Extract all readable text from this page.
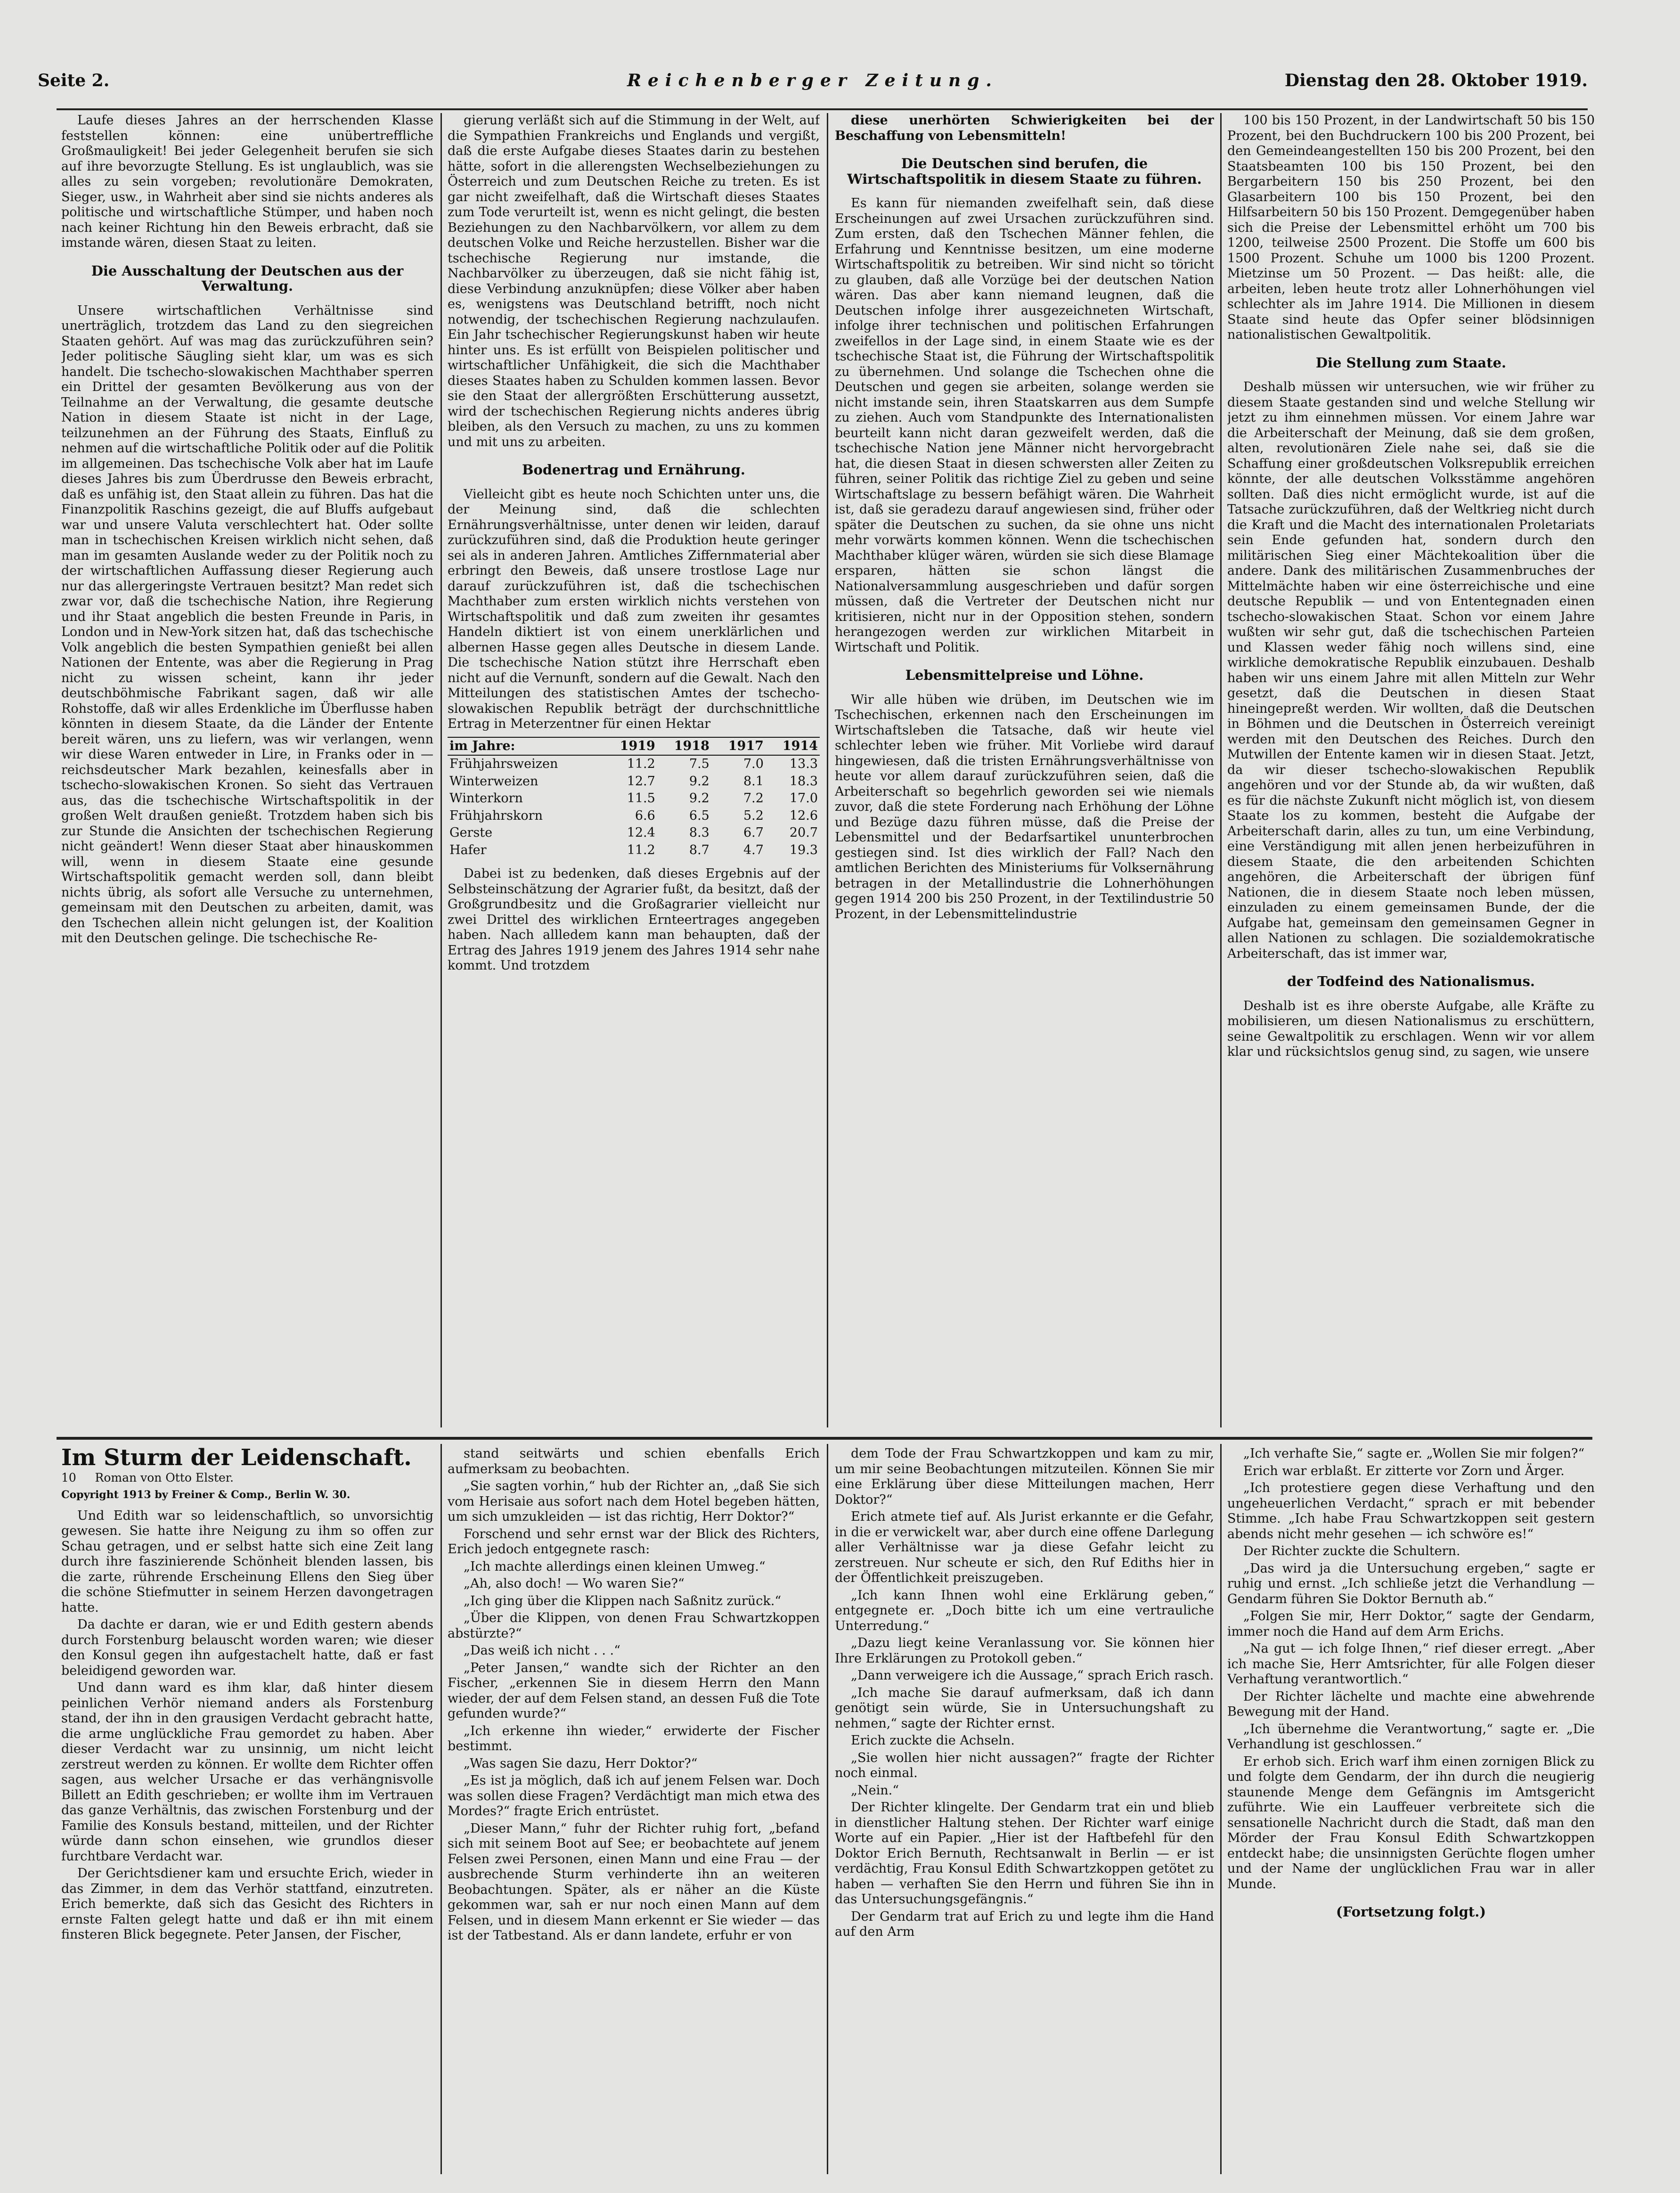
Seite 2.	Reichenberger Zeitung.	Dienstag den 28. Oktober 1919.

Laufe dieses Jahres an der herrschenden Klasse feststellen können: eine unübertreffliche Großmauligkeit! Bei jeder Gelegenheit berufen sie sich auf ihre bevorzugte Stellung. Es ist unglaublich, was sie alles zu sein vorgeben; revolutionäre Demokraten, Sieger, usw., in Wahrheit aber sind sie nichts anderes als politische und wirtschaftliche Stümper, und haben noch nach keiner Richtung hin den Beweis erbracht, daß sie imstande wären, diesen Staat zu leiten.

Die Ausschaltung der Deutschen aus der Verwaltung.

Unsere wirtschaftlichen Verhältnisse sind unerträglich, trotzdem das Land zu den siegreichen Staaten gehört. Auf was mag das zurückzuführen sein? Jeder politische Säugling sieht klar, um was es sich handelt. Die tschecho-slowakischen Machthaber sperren ein Drittel der gesamten Bevölkerung aus von der Teilnahme an der Verwaltung, die gesamte deutsche Nation in diesem Staate ist nicht in der Lage, teilzunehmen an der Führung des Staats, Einfluß zu nehmen auf die wirtschaftliche Politik oder auf die Politik im allgemeinen. Das tschechische Volk aber hat im Laufe dieses Jahres bis zum Überdrusse den Beweis erbracht, daß es unfähig ist, den Staat allein zu führen. Das hat die Finanzpolitik Raschins gezeigt, die auf Bluffs aufgebaut war und unsere Valuta verschlechtert hat. Oder sollte man in tschechischen Kreisen wirklich nicht sehen, daß man im gesamten Auslande weder zu der Politik noch zu der wirtschaftlichen Auffassung dieser Regierung auch nur das allergeringste Vertrauen besitzt? Man redet sich zwar vor, daß die tschechische Nation, ihre Regierung und ihr Staat angeblich die besten Freunde in Paris, in London und in New-York sitzen hat, daß das tschechische Volk angeblich die besten Sympathien genießt bei allen Nationen der Entente, was aber die Regierung in Prag nicht zu wissen scheint, kann ihr jeder deutschböhmische Fabrikant sagen, daß wir alle Rohstoffe, daß wir alles Erdenkliche im Überflusse haben könnten in diesem Staate, da die Länder der Entente bereit wären, uns zu liefern, was wir verlangen, wenn wir diese Waren entweder in Lire, in Franks oder in — reichsdeutscher Mark bezahlen, keinesfalls aber in tschecho-slowakischen Kronen. So sieht das Vertrauen aus, das die tschechische Wirtschaftspolitik in der großen Welt draußen genießt. Trotzdem haben sich bis zur Stunde die Ansichten der tschechischen Regierung nicht geändert! Wenn dieser Staat aber hinauskommen will, wenn in diesem Staate eine gesunde Wirtschaftspolitik gemacht werden soll, dann bleibt nichts übrig, als sofort alle Versuche zu unternehmen, gemeinsam mit den Deutschen zu arbeiten, damit, was den Tschechen allein nicht gelungen ist, der Koalition mit den Deutschen gelinge. Die tschechische Re-

gierung verläßt sich auf die Stimmung in der Welt, auf die Sympathien Frankreichs und Englands und vergißt, daß die erste Aufgabe dieses Staates darin zu bestehen hätte, sofort in die allerengsten Wechselbeziehungen zu Österreich und zum Deutschen Reiche zu treten. Es ist gar nicht zweifelhaft, daß die Wirtschaft dieses Staates zum Tode verurteilt ist, wenn es nicht gelingt, die besten Beziehungen zu den Nachbarvölkern, vor allem zu dem deutschen Volke und Reiche herzustellen. Bisher war die tschechische Regierung nur imstande, die Nachbarvölker zu überzeugen, daß sie nicht fähig ist, diese Verbindung anzuknüpfen; diese Völker aber haben es, wenigstens was Deutschland betrifft, noch nicht notwendig, der tschechischen Regierung nachzulaufen. Ein Jahr tschechischer Regierungskunst haben wir heute hinter uns. Es ist erfüllt von Beispielen politischer und wirtschaftlicher Unfähigkeit, die sich die Machthaber dieses Staates haben zu Schulden kommen lassen. Bevor sie den Staat der allergrößten Erschütterung aussetzt, wird der tschechischen Regierung nichts anderes übrig bleiben, als den Versuch zu machen, zu uns zu kommen und mit uns zu arbeiten.

Bodenertrag und Ernährung.

Vielleicht gibt es heute noch Schichten unter uns, die der Meinung sind, daß die schlechten Ernährungsverhältnisse, unter denen wir leiden, darauf zurückzuführen sind, daß die Produktion heute geringer sei als in anderen Jahren. Amtliches Ziffernmaterial aber erbringt den Beweis, daß unsere trostlose Lage nur darauf zurückzuführen ist, daß die tschechischen Machthaber zum ersten wirklich nichts verstehen von Wirtschaftspolitik und daß zum zweiten ihr gesamtes Handeln diktiert ist von einem unerklärlichen und albernen Hasse gegen alles Deutsche in diesem Lande. Die tschechische Nation stützt ihre Herrschaft eben nicht auf die Vernunft, sondern auf die Gewalt. Nach den Mitteilungen des statistischen Amtes der tschecho-slowakischen Republik beträgt der durchschnittliche Ertrag in Meterzentner für einen Hektar

im Jahre:	1919	1918	1917	1914
Frühjahrsweizen	11.2	7.5	7.0	13.3
Winterweizen	12.7	9.2	8.1	18.3
Winterkorn	11.5	9.2	7.2	17.0
Frühjahrskorn	6.6	6.5	5.2	12.6
Gerste	12.4	8.3	6.7	20.7
Hafer	11.2	8.7	4.7	19.3

Dabei ist zu bedenken, daß dieses Ergebnis auf der Selbsteinschätzung der Agrarier fußt, da besitzt, daß der Großgrundbesitz und die Großagrarier vielleicht nur zwei Drittel des wirklichen Ernteertrages angegeben haben. Nach allledem kann man behaupten, daß der Ertrag des Jahres 1919 jenem des Jahres 1914 sehr nahe kommt. Und trotzdem

diese unerhörten Schwierigkeiten bei der Beschaffung von Lebensmitteln!

Die Deutschen sind berufen, die Wirtschaftspolitik in diesem Staate zu führen.

Es kann für niemanden zweifelhaft sein, daß diese Erscheinungen auf zwei Ursachen zurückzuführen sind. Zum ersten, daß den Tschechen Männer fehlen, die Erfahrung und Kenntnisse besitzen, um eine moderne Wirtschaftspolitik zu betreiben. Wir sind nicht so töricht zu glauben, daß alle Vorzüge bei der deutschen Nation wären. Das aber kann niemand leugnen, daß die Deutschen infolge ihrer ausgezeichneten Wirtschaft, infolge ihrer technischen und politischen Erfahrungen zweifellos in der Lage sind, in einem Staate wie es der tschechische Staat ist, die Führung der Wirtschaftspolitik zu übernehmen. Und solange die Tschechen ohne die Deutschen und gegen sie arbeiten, solange werden sie nicht imstande sein, ihren Staatskarren aus dem Sumpfe zu ziehen. Auch vom Standpunkte des Internationalisten beurteilt kann nicht daran gezweifelt werden, daß die tschechische Nation jene Männer nicht hervorgebracht hat, die diesen Staat in diesen schwersten aller Zeiten zu führen, seiner Politik das richtige Ziel zu geben und seine Wirtschaftslage zu bessern befähigt wären. Die Wahrheit ist, daß sie geradezu darauf angewiesen sind, früher oder später die Deutschen zu suchen, da sie ohne uns nicht mehr vorwärts kommen können. Wenn die tschechischen Machthaber klüger wären, würden sie sich diese Blamage ersparen, hätten sie schon längst die Nationalversammlung ausgeschrieben und dafür sorgen müssen, daß die Vertreter der Deutschen nicht nur kritisieren, nicht nur in der Opposition stehen, sondern herangezogen werden zur wirklichen Mitarbeit in Wirtschaft und Politik.

Lebensmittelpreise und Löhne.

Wir alle hüben wie drüben, im Deutschen wie im Tschechischen, erkennen nach den Erscheinungen im Wirtschaftsleben die Tatsache, daß wir heute viel schlechter leben wie früher. Mit Vorliebe wird darauf hingewiesen, daß die tristen Ernährungsverhältnisse von heute vor allem darauf zurückzuführen seien, daß die Arbeiterschaft so begehrlich geworden sei wie niemals zuvor, daß die stete Forderung nach Erhöhung der Löhne und Bezüge dazu führen müsse, daß die Preise der Lebensmittel und der Bedarfsartikel ununterbrochen gestiegen sind. Ist dies wirklich der Fall? Nach den amtlichen Berichten des Ministeriums für Volksernährung betragen in der Metallindustrie die Lohnerhöhungen gegen 1914 200 bis 250 Prozent, in der Textilindustrie 50 Prozent, in der Lebensmittelindustrie

100 bis 150 Prozent, in der Landwirtschaft 50 bis 150 Prozent, bei den Buchdruckern 100 bis 200 Prozent, bei den Gemeindeangestellten 150 bis 200 Prozent, bei den Staatsbeamten 100 bis 150 Prozent, bei den Bergarbeitern 150 bis 250 Prozent, bei den Glasarbeitern 100 bis 150 Prozent, bei den Hilfsarbeitern 50 bis 150 Prozent. Demgegenüber haben sich die Preise der Lebensmittel erhöht um 700 bis 1200, teilweise 2500 Prozent. Die Stoffe um 600 bis 1500 Prozent. Schuhe um 1000 bis 1200 Prozent. Mietzinse um 50 Prozent. — Das heißt: alle, die arbeiten, leben heute trotz aller Lohnerhöhungen viel schlechter als im Jahre 1914. Die Millionen in diesem Staate sind heute das Opfer seiner blödsinnigen nationalistischen Gewaltpolitik.

Die Stellung zum Staate.

Deshalb müssen wir untersuchen, wie wir früher zu diesem Staate gestanden sind und welche Stellung wir jetzt zu ihm einnehmen müssen. Vor einem Jahre war die Arbeiterschaft der Meinung, daß sie dem großen, alten, revolutionären Ziele nahe sei, daß sie die Schaffung einer großdeutschen Volksrepublik erreichen könnte, der alle deutschen Volksstämme angehören sollten. Daß dies nicht ermöglicht wurde, ist auf die Tatsache zurückzuführen, daß der Weltkrieg nicht durch die Kraft und die Macht des internationalen Proletariats sein Ende gefunden hat, sondern durch den militärischen Sieg einer Mächtekoalition über die andere. Dank des militärischen Zusammenbruches der Mittelmächte haben wir eine österreichische und eine deutsche Republik — und von Ententegnaden einen tschecho-slowakischen Staat. Schon vor einem Jahre wußten wir sehr gut, daß die tschechischen Parteien und Klassen weder fähig noch willens sind, eine wirkliche demokratische Republik einzubauen. Deshalb haben wir uns einem Jahre mit allen Mitteln zur Wehr gesetzt, daß die Deutschen in diesen Staat hineingepreßt werden. Wir wollten, daß die Deutschen in Böhmen und die Deutschen in Österreich vereinigt werden mit den Deutschen des Reiches. Durch den Mutwillen der Entente kamen wir in diesen Staat. Jetzt, da wir dieser tschecho-slowakischen Republik angehören und vor der Stunde ab, da wir wußten, daß es für die nächste Zukunft nicht möglich ist, von diesem Staate los zu kommen, besteht die Aufgabe der Arbeiterschaft darin, alles zu tun, um eine Verbindung, eine Verständigung mit allen jenen herbeizuführen in diesem Staate, die den arbeitenden Schichten angehören, die Arbeiterschaft der übrigen fünf Nationen, die in diesem Staate noch leben müssen, einzuladen zu einem gemeinsamen Bunde, der die Aufgabe hat, gemeinsam den gemeinsamen Gegner in allen Nationen zu schlagen. Die sozialdemokratische Arbeiterschaft, das ist immer war,

der Todfeind des Nationalismus.

Deshalb ist es ihre oberste Aufgabe, alle Kräfte zu mobilisieren, um diesen Nationalismus zu erschüttern, seine Gewaltpolitik zu erschlagen. Wenn wir vor allem klar und rücksichtslos genug sind, zu sagen, wie unsere

Im Sturm der Leidenschaft.
10 Roman von Otto Elster.
Copyright 1913 by Freiner & Comp., Berlin W. 30.

Und Edith war so leidenschaftlich, so unvorsichtig gewesen. Sie hatte ihre Neigung zu ihm so offen zur Schau getragen, und er selbst hatte sich eine Zeit lang durch ihre faszinierende Schönheit blenden lassen, bis die zarte, rührende Erscheinung Ellens den Sieg über die schöne Stiefmutter in seinem Herzen davongetragen hatte.

Da dachte er daran, wie er und Edith gestern abends durch Forstenburg belauscht worden waren; wie dieser den Konsul gegen ihn aufgestachelt hatte, daß er fast beleidigend geworden war.

Und dann ward es ihm klar, daß hinter diesem peinlichen Verhör niemand anders als Forstenburg stand, der ihn in den grausigen Verdacht gebracht hatte, die arme unglückliche Frau gemordet zu haben. Aber dieser Verdacht war zu unsinnig, um nicht leicht zerstreut werden zu können. Er wollte dem Richter offen sagen, aus welcher Ursache er das verhängnisvolle Billett an Edith geschrieben; er wollte ihm im Vertrauen das ganze Verhältnis, das zwischen Forstenburg und der Familie des Konsuls bestand, mitteilen, und der Richter würde dann schon einsehen, wie grundlos dieser furchtbare Verdacht war.

Der Gerichtsdiener kam und ersuchte Erich, wieder in das Zimmer, in dem das Verhör stattfand, einzutreten. Erich bemerkte, daß sich das Gesicht des Richters in ernste Falten gelegt hatte und daß er ihn mit einem finsteren Blick begegnete. Peter Jansen, der Fischer,

stand seitwärts und schien ebenfalls Erich aufmerksam zu beobachten.

„Sie sagten vorhin,“ hub der Richter an, „daß Sie sich vom Herisaie aus sofort nach dem Hotel begeben hätten, um sich umzukleiden — ist das richtig, Herr Doktor?“

Forschend und sehr ernst war der Blick des Richters, Erich jedoch entgegnete rasch:

„Ich machte allerdings einen kleinen Umweg.“

„Ah, also doch! — Wo waren Sie?“

„Ich ging über die Klippen nach Saßnitz zurück.“

„Über die Klippen, von denen Frau Schwartzkoppen abstürzte?“

„Das weiß ich nicht . . .“

„Peter Jansen,“ wandte sich der Richter an den Fischer, „erkennen Sie in diesem Herrn den Mann wieder, der auf dem Felsen stand, an dessen Fuß die Tote gefunden wurde?“

„Ich erkenne ihn wieder,“ erwiderte der Fischer bestimmt.

„Was sagen Sie dazu, Herr Doktor?“

„Es ist ja möglich, daß ich auf jenem Felsen war. Doch was sollen diese Fragen? Verdächtigt man mich etwa des Mordes?“ fragte Erich entrüstet.

„Dieser Mann,“ fuhr der Richter ruhig fort, „befand sich mit seinem Boot auf See; er beobachtete auf jenem Felsen zwei Personen, einen Mann und eine Frau — der ausbrechende Sturm verhinderte ihn an weiteren Beobachtungen. Später, als er näher an die Küste gekommen war, sah er nur noch einen Mann auf dem Felsen, und in diesem Mann erkennt er Sie wieder — das ist der Tatbestand. Als er dann landete, erfuhr er von

dem Tode der Frau Schwartzkoppen und kam zu mir, um mir seine Beobachtungen mitzuteilen. Können Sie mir eine Erklärung über diese Mitteilungen machen, Herr Doktor?“

Erich atmete tief auf. Als Jurist erkannte er die Gefahr, in die er verwickelt war, aber durch eine offene Darlegung aller Verhältnisse war ja diese Gefahr leicht zu zerstreuen. Nur scheute er sich, den Ruf Ediths hier in der Öffentlichkeit preiszugeben.

„Ich kann Ihnen wohl eine Erklärung geben,“ entgegnete er. „Doch bitte ich um eine vertrauliche Unterredung.“

„Dazu liegt keine Veranlassung vor. Sie können hier Ihre Erklärungen zu Protokoll geben.“

„Dann verweigere ich die Aussage,“ sprach Erich rasch.

„Ich mache Sie darauf aufmerksam, daß ich dann genötigt sein würde, Sie in Untersuchungshaft zu nehmen,“ sagte der Richter ernst.

Erich zuckte die Achseln.

„Sie wollen hier nicht aussagen?“ fragte der Richter noch einmal.

„Nein.“

Der Richter klingelte. Der Gendarm trat ein und blieb in dienstlicher Haltung stehen. Der Richter warf einige Worte auf ein Papier. „Hier ist der Haftbefehl für den Doktor Erich Bernuth, Rechtsanwalt in Berlin — er ist verdächtig, Frau Konsul Edith Schwartzkoppen getötet zu haben — verhaften Sie den Herrn und führen Sie ihn in das Untersuchungsgefängnis.“

Der Gendarm trat auf Erich zu und legte ihm die Hand auf den Arm

„Ich verhafte Sie,“ sagte er. „Wollen Sie mir folgen?“

Erich war erblaßt. Er zitterte vor Zorn und Ärger.

„Ich protestiere gegen diese Verhaftung und den ungeheuerlichen Verdacht,“ sprach er mit bebender Stimme. „Ich habe Frau Schwartzkoppen seit gestern abends nicht mehr gesehen — ich schwöre es!“

Der Richter zuckte die Schultern.

„Das wird ja die Untersuchung ergeben,“ sagte er ruhig und ernst. „Ich schließe jetzt die Verhandlung — Gendarm führen Sie Doktor Bernuth ab.“

„Folgen Sie mir, Herr Doktor,“ sagte der Gendarm, immer noch die Hand auf dem Arm Erichs.

„Na gut — ich folge Ihnen,“ rief dieser erregt. „Aber ich mache Sie, Herr Amtsrichter, für alle Folgen dieser Verhaftung verantwortlich.“

Der Richter lächelte und machte eine abwehrende Bewegung mit der Hand.

„Ich übernehme die Verantwortung,“ sagte er. „Die Verhandlung ist geschlossen.“

Er erhob sich. Erich warf ihm einen zornigen Blick zu und folgte dem Gendarm, der ihn durch die neugierig staunende Menge dem Gefängnis im Amtsgericht zuführte. Wie ein Lauffeuer verbreitete sich die sensationelle Nachricht durch die Stadt, daß man den Mörder der Frau Konsul Edith Schwartzkoppen entdeckt habe; die unsinnigsten Gerüchte flogen umher und der Name der unglücklichen Frau war in aller Munde.

(Fortsetzung folgt.)
